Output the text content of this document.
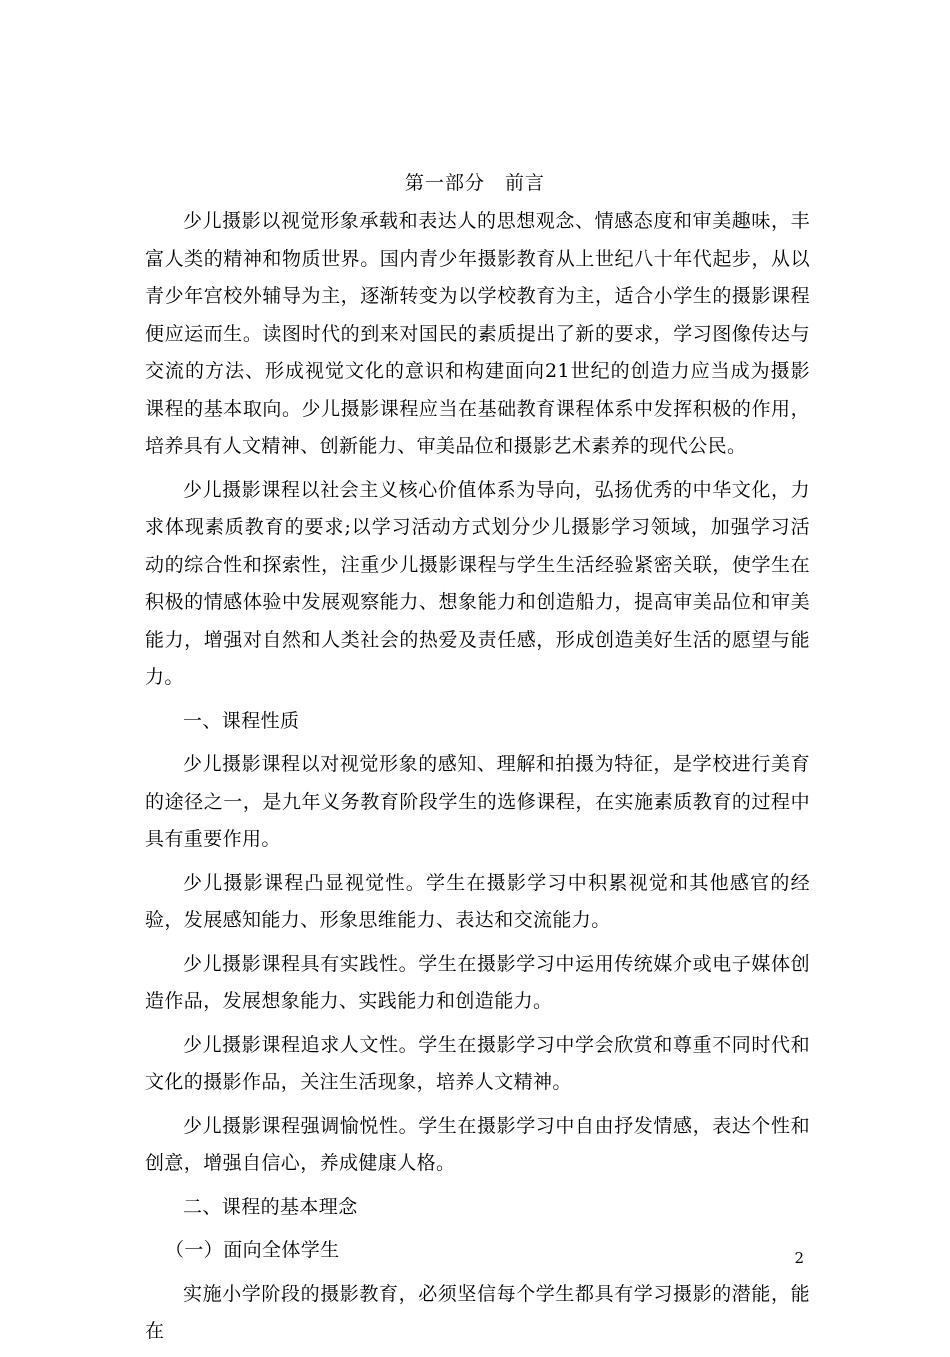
第一部分　前言

少儿摄影以视觉形象承载和表达人的思想观念、情感态度和审美趣味，丰富人类的精神和物质世界。国内青少年摄影教育从上世纪八十年代起步，从以青少年宫校外辅导为主，逐渐转变为以学校教育为主，适合小学生的摄影课程便应运而生。读图时代的到来对国民的素质提出了新的要求，学习图像传达与交流的方法、形成视觉文化的意识和构建面向21世纪的创造力应当成为摄影课程的基本取向。少儿摄影课程应当在基础教育课程体系中发挥积极的作用，培养具有人文精神、创新能力、审美品位和摄影艺术素养的现代公民。

少儿摄影课程以社会主义核心价值体系为导向，弘扬优秀的中华文化，力求体现素质教育的要求;以学习活动方式划分少儿摄影学习领域，加强学习活动的综合性和探索性，注重少儿摄影课程与学生生活经验紧密关联，使学生在积极的情感体验中发展观察能力、想象能力和创造船力，提高审美品位和审美能力，增强对自然和人类社会的热爱及责任感，形成创造美好生活的愿望与能力。

一、课程性质

少儿摄影课程以对视觉形象的感知、理解和拍摄为特征，是学校进行美育的途径之一，是九年义务教育阶段学生的选修课程，在实施素质教育的过程中具有重要作用。

少儿摄影课程凸显视觉性。学生在摄影学习中积累视觉和其他感官的经验，发展感知能力、形象思维能力、表达和交流能力。

少儿摄影课程具有实践性。学生在摄影学习中运用传统媒介或电子媒体创造作品，发展想象能力、实践能力和创造能力。

少儿摄影课程追求人文性。学生在摄影学习中学会欣赏和尊重不同时代和文化的摄影作品，关注生活现象，培养人文精神。

少儿摄影课程强调愉悦性。学生在摄影学习中自由抒发情感，表达个性和创意，增强自信心，养成健康人格。

二、课程的基本理念

（一）面向全体学生

实施小学阶段的摄影教育，必须坚信每个学生都具有学习摄影的潜能，能在

2
